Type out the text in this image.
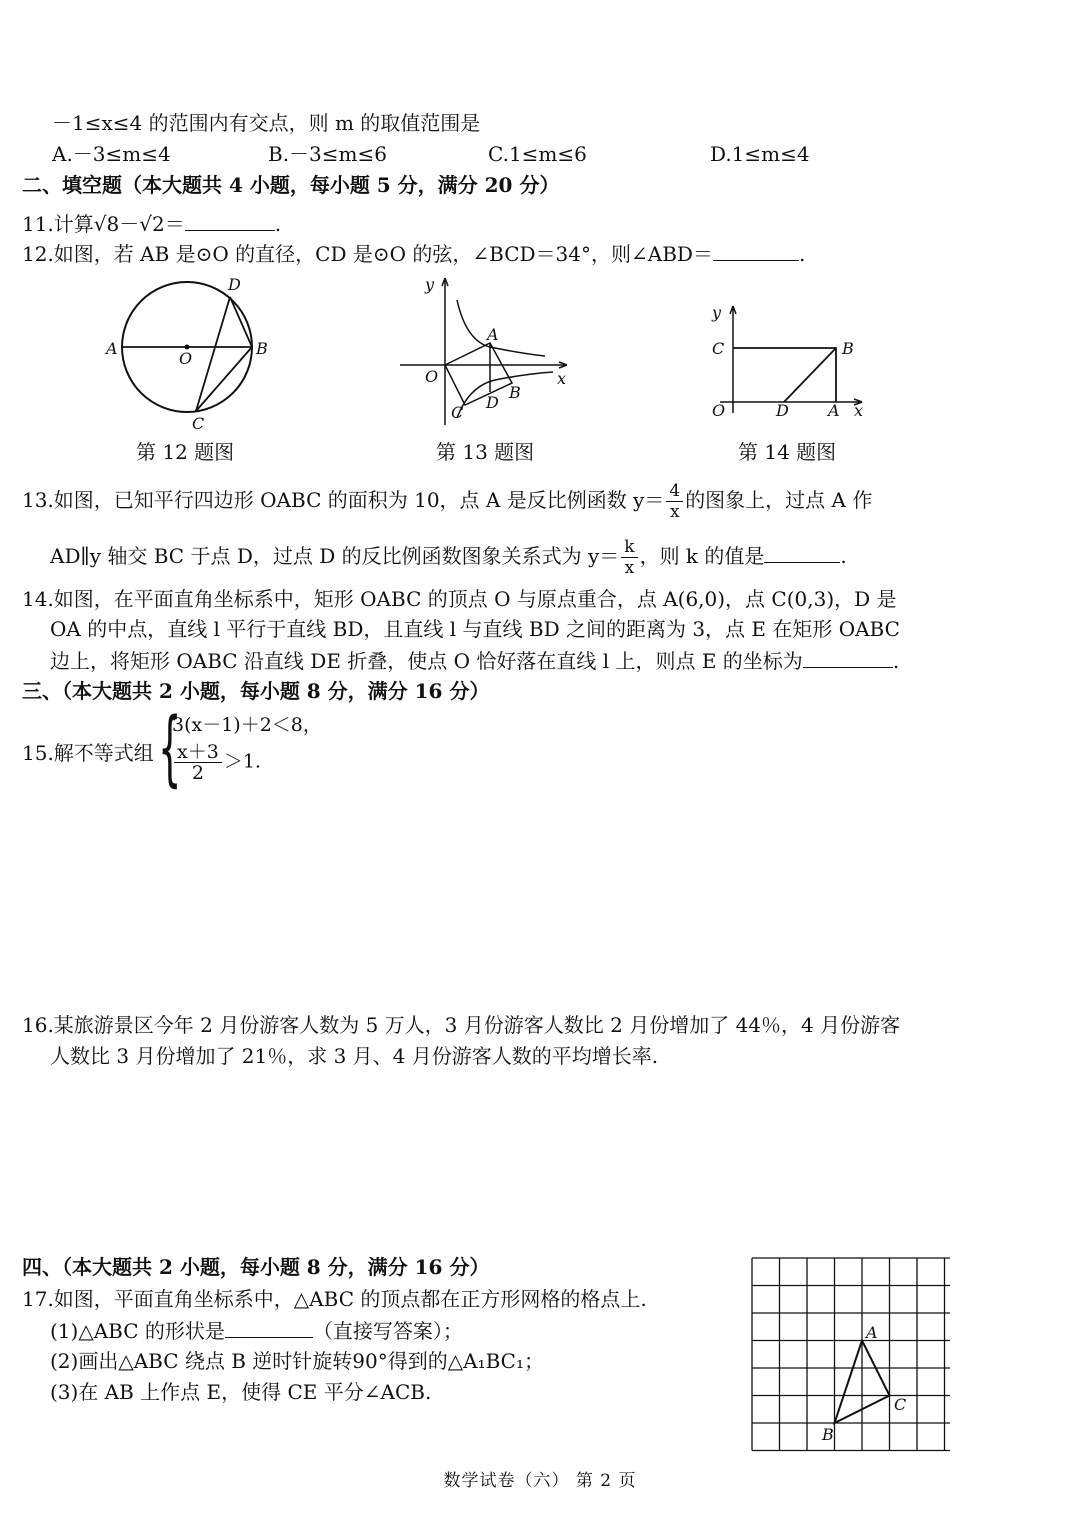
－1≤x≤4 的范围内有交点，则 m 的取值范围是
A.－3≤m≤4	B.－3≤m≤6	C.1≤m≤6	D.1≤m≤4
二、填空题（本大题共 4 小题，每小题 5 分，满分 20 分）
11.计算√8－√2＝	.
12.如图，若 AB 是⊙O 的直径，CD 是⊙O 的弦，∠BCD＝34°，则∠ABD＝	.
A
O
B
D
C
第 12 题图
y
x
O
A
B
C
D
第 13 题图
y
C	B
O	D A x
第 14 题图
13.如图，已知平行四边形 OABC 的面积为 10，点 A 是反比例函数 $y= \frac{4}{x}$ 的图象上，过点 A 作
AD∥y 轴交 BC 于点 D，过点 D 的反比例函数图象关系式为 $y= \frac{k}{x}$ ，则 k 的值是	.
14.如图，在平面直角坐标系中，矩形 OABC 的顶点 O 与原点重合，点 A(6,0)，点 C(0,3)，D 是
OA 的中点，直线 l 平行于直线 BD，且直线 l 与直线 BD 之间的距离为 3，点 E 在矩形 OABC
边上，将矩形 OABC 沿直线 DE 折叠，使点 O 恰好落在直线 l 上，则点 E 的坐标为	.
三、（本大题共 2 小题，每小题 8 分，满分 16 分）
15.解不等式组 {
3(x－1)＋2＜8，
$\frac{x+3}{2} >1$.
16.某旅游景区今年 2 月份游客人数为 5 万人，3 月份游客人数比 2 月份增加了 44％，4 月份游客
人数比 3 月份增加了 21％，求 3 月、4 月份游客人数的平均增长率.
四、（本大题共 2 小题，每小题 8 分，满分 16 分）
17.如图，平面直角坐标系中，△ABC 的顶点都在正方形网格的格点上.
(1)△ABC 的形状是	（直接写答案）；
(2)画出△ABC 绕点 B 逆时针旋转90°得到的△A₁BC₁；
(3)在 AB 上作点 E，使得 CE 平分∠ACB.
A
B
C
数学试卷（六） 第 2 页
